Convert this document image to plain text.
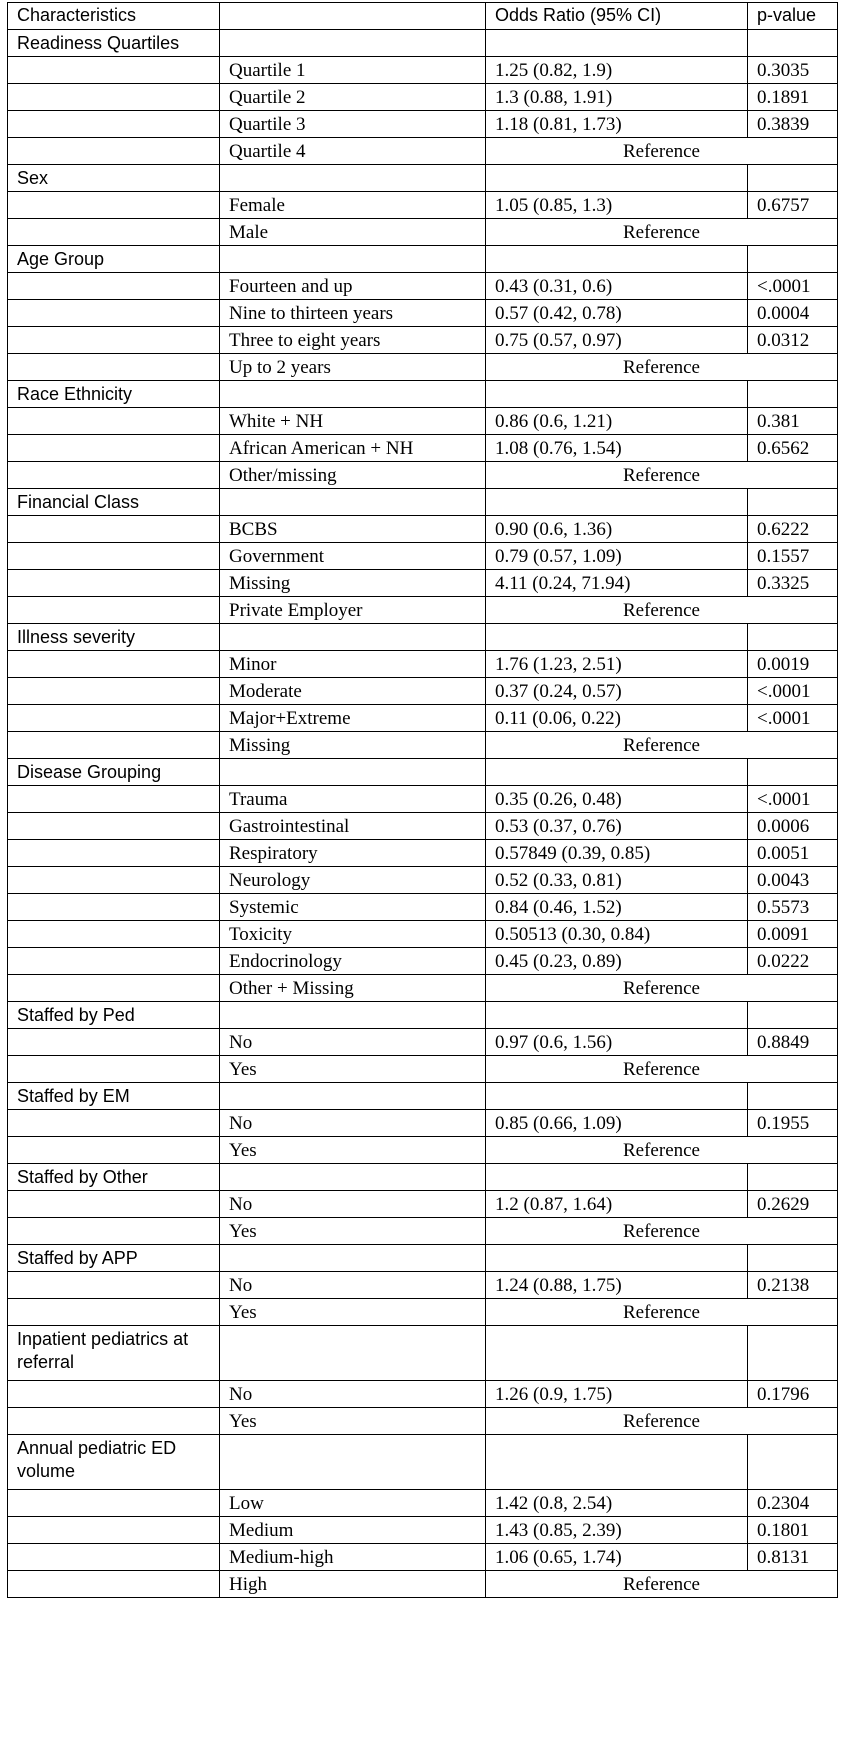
Characteristics		Odds Ratio (95% CI)	p-value
Readiness Quartiles			
	Quartile 1	1.25 (0.82, 1.9)	0.3035
	Quartile 2	1.3 (0.88, 1.91)	0.1891
	Quartile 3	1.18 (0.81, 1.73)	0.3839
	Quartile 4	Reference	
Sex			
	Female	1.05 (0.85, 1.3)	0.6757
	Male	Reference	
Age Group			
	Fourteen and up	0.43 (0.31, 0.6)	<.0001
	Nine to thirteen years	0.57 (0.42, 0.78)	0.0004
	Three to eight years	0.75 (0.57, 0.97)	0.0312
	Up to 2 years	Reference	
Race Ethnicity			
	White + NH	0.86 (0.6, 1.21)	0.381
	African American + NH	1.08 (0.76, 1.54)	0.6562
	Other/missing	Reference	
Financial Class			
	BCBS	0.90 (0.6, 1.36)	0.6222
	Government	0.79 (0.57, 1.09)	0.1557
	Missing	4.11 (0.24, 71.94)	0.3325
	Private Employer	Reference	
Illness severity			
	Minor	1.76 (1.23, 2.51)	0.0019
	Moderate	0.37 (0.24, 0.57)	<.0001
	Major+Extreme	0.11 (0.06, 0.22)	<.0001
	Missing	Reference	
Disease Grouping			
	Trauma	0.35 (0.26, 0.48)	<.0001
	Gastrointestinal	0.53 (0.37, 0.76)	0.0006
	Respiratory	0.57849 (0.39, 0.85)	0.0051
	Neurology	0.52 (0.33, 0.81)	0.0043
	Systemic	0.84 (0.46, 1.52)	0.5573
	Toxicity	0.50513 (0.30, 0.84)	0.0091
	Endocrinology	0.45 (0.23, 0.89)	0.0222
	Other + Missing	Reference	
Staffed by Ped			
	No	0.97 (0.6, 1.56)	0.8849
	Yes	Reference	
Staffed by EM			
	No	0.85 (0.66, 1.09)	0.1955
	Yes	Reference	
Staffed by Other			
	No	1.2 (0.87, 1.64)	0.2629
	Yes	Reference	
Staffed by APP			
	No	1.24 (0.88, 1.75)	0.2138
	Yes	Reference	
Inpatient pediatrics at referral			
	No	1.26 (0.9, 1.75)	0.1796
	Yes	Reference	
Annual pediatric ED volume			
	Low	1.42 (0.8, 2.54)	0.2304
	Medium	1.43 (0.85, 2.39)	0.1801
	Medium-high	1.06 (0.65, 1.74)	0.8131
	High	Reference	
